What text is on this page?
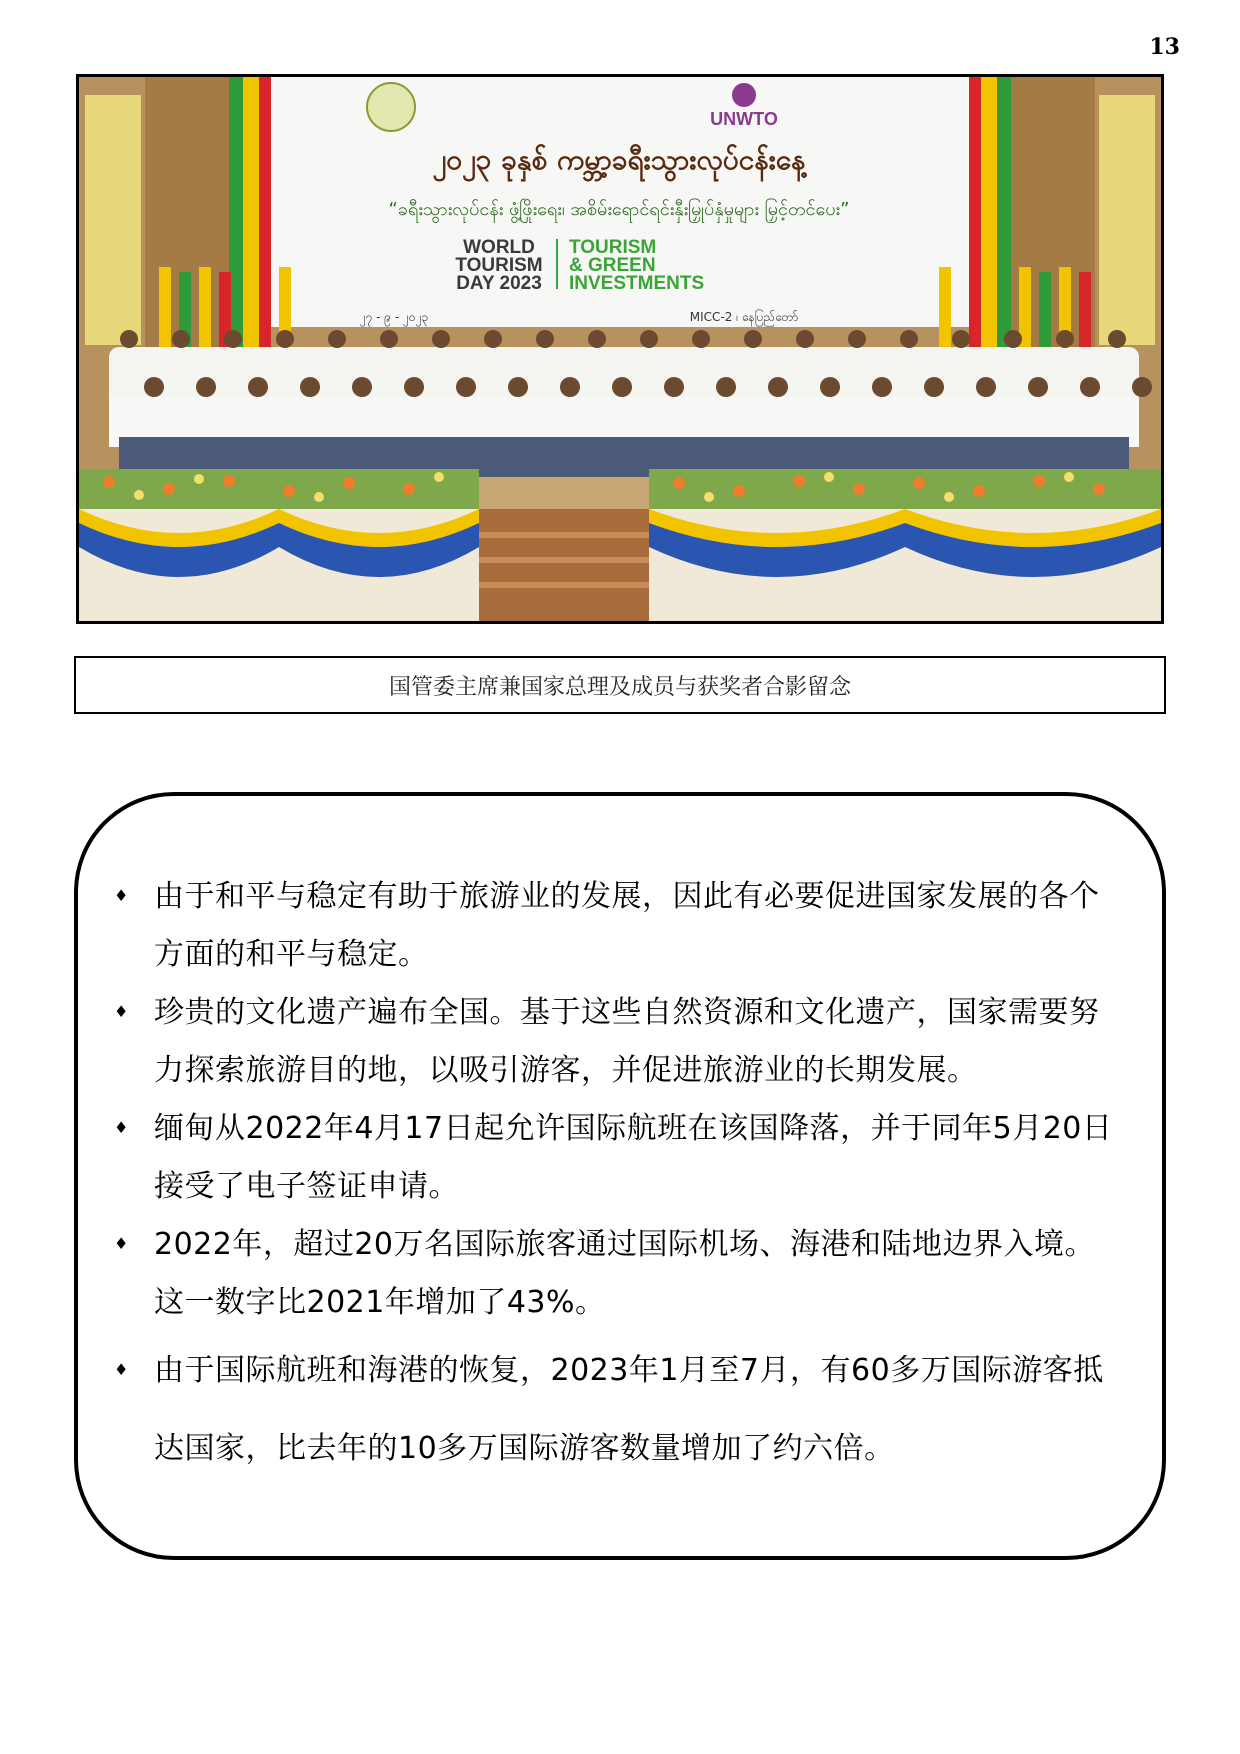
13
UNWTO
၂၀၂၃ ခုနှစ် ကမ္ဘာ့ခရီးသွားလုပ်ငန်းနေ့
“ခရီးသွားလုပ်ငန်း ဖွံ့ဖြိုးရေး၊ အစိမ်းရောင်ရင်းနှီးမြှုပ်နှံမှုများ မြှင့်တင်ပေး”
WORLD
TOURISM
DAY 2023
TOURISM
& GREEN
INVESTMENTS
၂၇ - ၉ - ၂၀၂၃	MICC-2 ၊ နေပြည်တော်
国管委主席兼国家总理及成员与获奖者合影留念
♦ 由于和平与稳定有助于旅游业的发展，因此有必要促进国家发展的各个方面的和平与稳定。
♦ 珍贵的文化遗产遍布全国。基于这些自然资源和文化遗产，国家需要努力探索旅游目的地，以吸引游客，并促进旅游业的长期发展。
♦ 缅甸从2022年4月17日起允许国际航班在该国降落，并于同年5月20日接受了电子签证申请。
♦ 2022年，超过20万名国际旅客通过国际机场、海港和陆地边界入境。这一数字比2021年增加了43%。
♦ 由于国际航班和海港的恢复，2023年1月至7月，有60多万国际游客抵达国家，比去年的10多万国际游客数量增加了约六倍。
